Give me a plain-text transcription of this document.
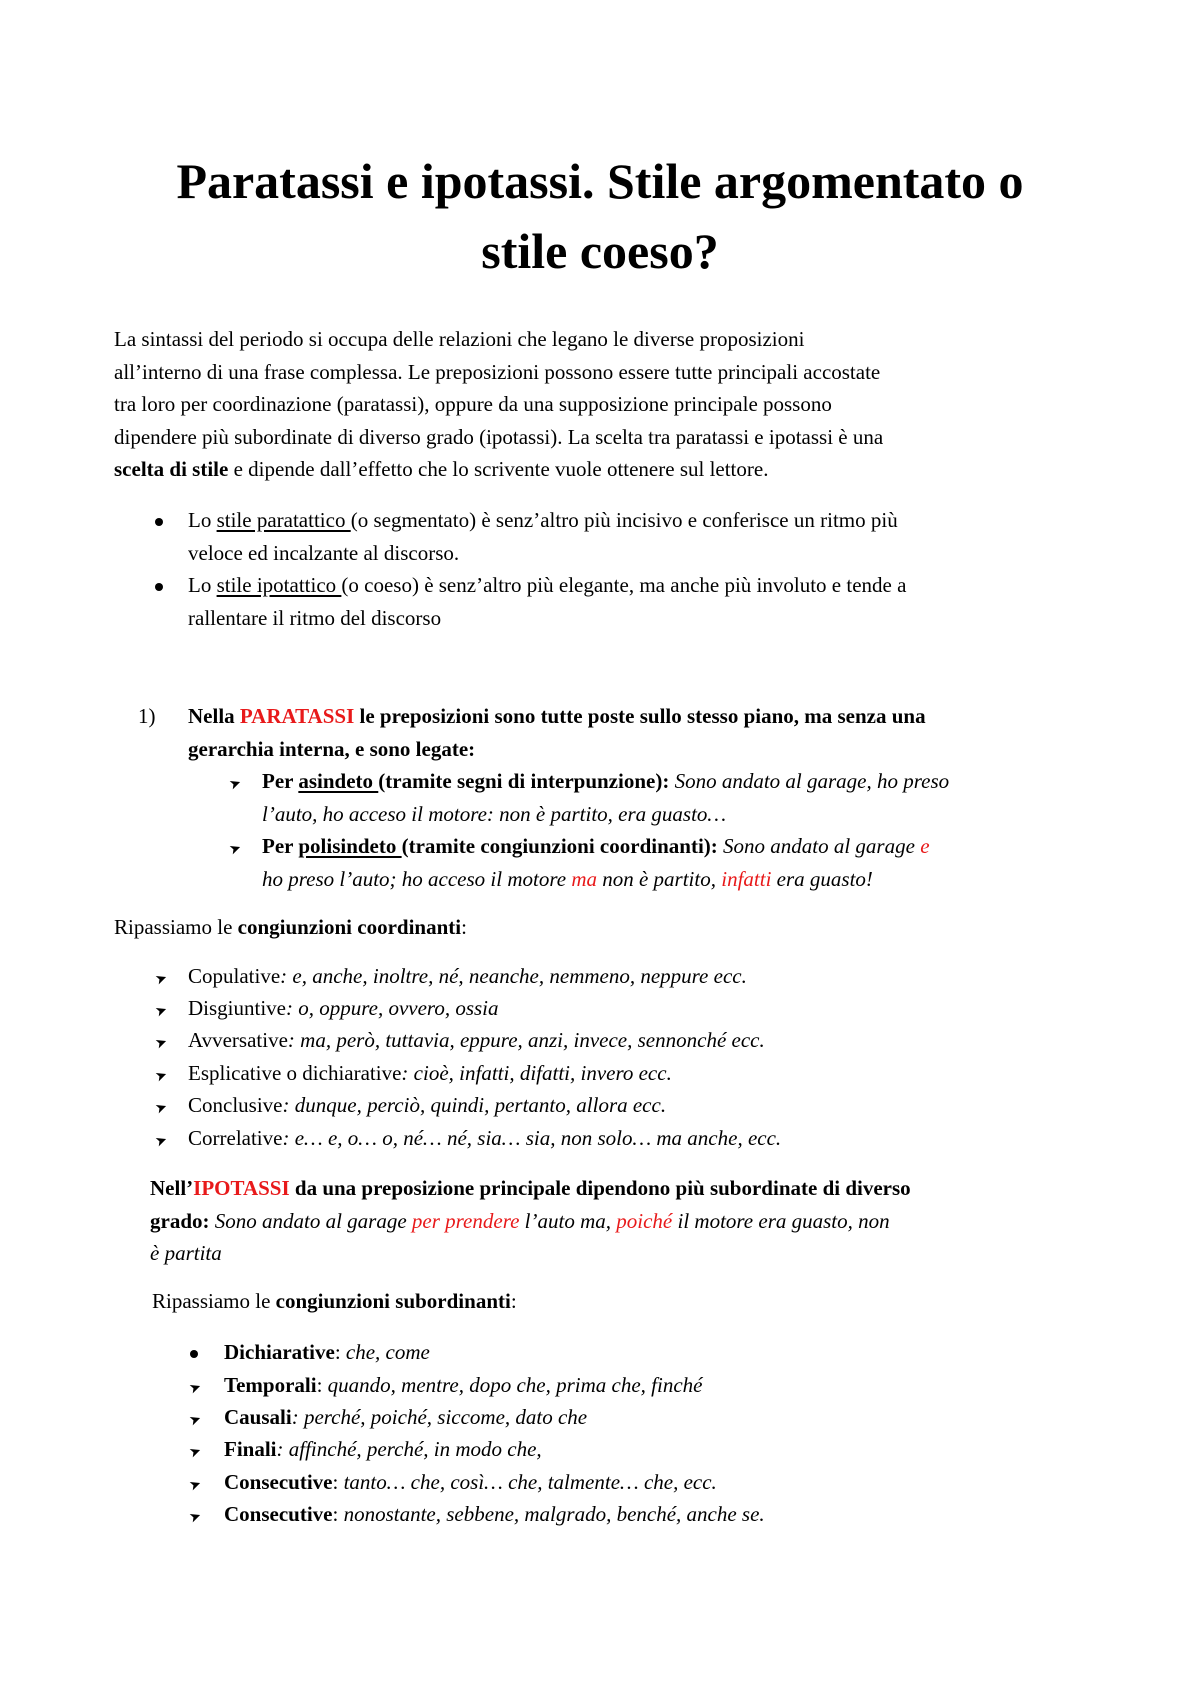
Paratassi e ipotassi. Stile argomentato o
stile coeso?
La sintassi del periodo si occupa delle relazioni che legano le diverse proposizioni
all’interno di una frase complessa. Le preposizioni possono essere tutte principali accostate
tra loro per coordinazione (paratassi), oppure da una supposizione principale possono
dipendere più subordinate di diverso grado (ipotassi). La scelta tra paratassi e ipotassi è una
scelta di stile e dipende dall’effetto che lo scrivente vuole ottenere sul lettore.
Lo stile paratattico (o segmentato) è senz’altro più incisivo e conferisce un ritmo più
veloce ed incalzante al discorso.
Lo stile ipotattico (o coeso) è senz’altro più elegante, ma anche più involuto e tende a
rallentare il ritmo del discorso
1) Nella PARATASSI le preposizioni sono tutte poste sullo stesso piano, ma senza una
gerarchia interna, e sono legate:
➤ Per asindeto (tramite segni di interpunzione): Sono andato al garage, ho preso
l’auto, ho acceso il motore: non è partito, era guasto…
➤ Per polisindeto (tramite congiunzioni coordinanti): Sono andato al garage e
ho preso l’auto; ho acceso il motore ma non è partito, infatti era guasto!
Ripassiamo le congiunzioni coordinanti:
➤ Copulative: e, anche, inoltre, né, neanche, nemmeno, neppure ecc.
➤ Disgiuntive: o, oppure, ovvero, ossia
➤ Avversative: ma, però, tuttavia, eppure, anzi, invece, sennonché ecc.
➤ Esplicative o dichiarative: cioè, infatti, difatti, invero ecc.
➤ Conclusive: dunque, perciò, quindi, pertanto, allora ecc.
➤ Correlative: e… e, o… o, né… né, sia… sia, non solo… ma anche, ecc.
Nell’IPOTASSI da una preposizione principale dipendono più subordinate di diverso
grado: Sono andato al garage per prendere l’auto ma, poiché il motore era guasto, non
è partita
Ripassiamo le congiunzioni subordinanti:
Dichiarative: che, come
➤ Temporali: quando, mentre, dopo che, prima che, finché
➤ Causali: perché, poiché, siccome, dato che
➤ Finali: affinché, perché, in modo che,
➤ Consecutive: tanto… che, così… che, talmente… che, ecc.
➤ Consecutive: nonostante, sebbene, malgrado, benché, anche se.
